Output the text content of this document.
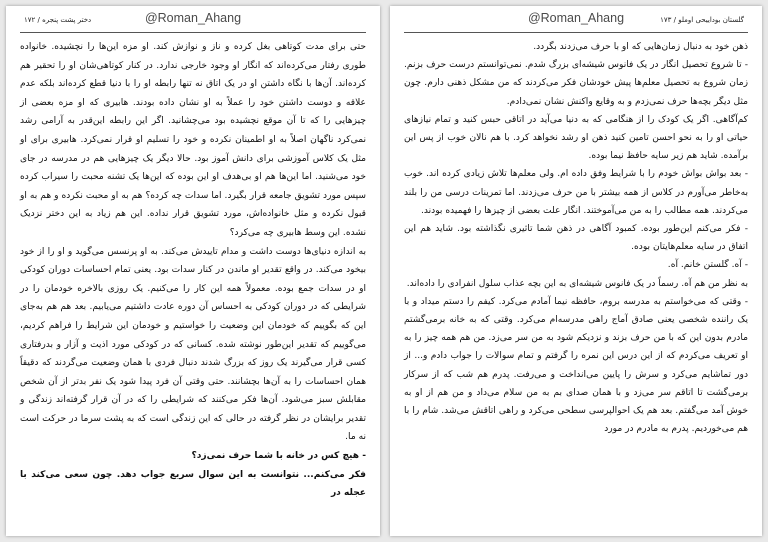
دختر پشت پنجره / ۱۷۲	@Roman_Ahang

حتی برای مدت کوتاهی بغل کرده و ناز و نوازش کند. او مزه این‌ها را نچشیده. خانواده طوری رفتار می‌کرده‌اند که انگار او وجود خارجی ندارد. در کنار کوتاهی‌شان او را تحقیر هم کرده‌اند. آن‌ها با نگاه داشتن او در یک اتاق نه تنها رابطه او را با دنیا قطع کرده‌اند بلکه عدم علاقه و دوست داشتن خود را عملاً به او نشان داده بودند. هابیری که او مزه بعضی از چیزهایی را که تا آن موقع نچشیده بود می‌چشانید. اگر این رابطه این‌قدر به آرامی رشد نمی‌کرد ناگهان اصلاً به او اطمینان نکرده و خود را تسلیم او قرار نمی‌کرد. هابیری برای او مثل یک کلاس آموزشی برای دانش آموز بود. حالا دیگر یک چیزهایی هم در مدرسه در جای خود می‌شنید. اما این‌ها هم او بی‌هدف او این بوده که این‌ها یک تشنه محبت را سیراب کرده سپس مورد تشویق جامعه قرار بگیرد. اما سدات چه کرده؟ هم به او محبت نکرده و هم به او قبول نکرده و مثل خانواده‌اش، مورد تشویق قرار نداده. این هم زیاد به این دختر نزدیک نشده. این وسط هابیری چه می‌کرد؟

به اندازه دنیای‌ها دوست داشت و مدام تاییدش می‌کند. به او پرنسس می‌گوید و او را از خود بیخود می‌کند. در واقع تقدیر او ماندن در کنار سدات بود. یعنی تمام احساسات دوران کودکی او در سدات جمع بوده. معمولاً همه این کار را می‌کنیم. یک روزی بالاخره خودمان را در شرایطی که در دوران کودکی به احساس آن دوره عادت داشتیم می‌یابیم. بعد هم هم به‌جای این که بگوییم که خودمان این وضعیت را خواستیم و خودمان این شرایط را فراهم کردیم، می‌گوییم که تقدیر این‌طور نوشته شده. کسانی که در کودکی مورد اذیت و آزار و بدرفتاری کسی قرار می‌گیرند یک روز که بزرگ شدند دنبال فردی با همان وضعیت می‌گردند که دقیقاً همان احساسات را به آن‌ها بچشانند. حتی وقتی آن فرد پیدا شود یک نفر بدتر از آن شخص مقابلش سبز می‌شود. آن‌ها فکر می‌کنند که شرایطی را که در آن قرار گرفته‌اند زندگی و تقدیر برایشان در نظر گرفته در حالی که این زندگی است که به پشت سرما در حرکت است نه ما.

- هیچ کس در خانه با شما حرف نمی‌زد؟

فکر می‌کنم... نتوانست به این سوال سریع جواب دهد. چون سعی می‌کند با عجله در

۱۷۳ / گلستان بوداییحی اوملو
@Roman_Ahang

ذهن خود به دنبال زمان‌هایی که او با حرف می‌زدند بگردد.

- تا شروع تحصیل انگار در یک فانوس شیشه‌ای بزرگ شدم. نمی‌توانستم درست حرف بزنم. زمان شروع به تحصیل معلم‌ها پیش خودشان فکر می‌کردند که من مشکل ذهنی دارم. چون مثل دیگر بچه‌ها حرف نمی‌زدم و به وقایع واکنش نشان نمی‌دادم.

کم‌آگاهی. اگر یک کودک را از هنگامی که به دنیا می‌آید در اتاقی حبس کنید و تمام نیازهای حیاتی او را به نحو احسن تامین کنید ذهن او رشد نخواهد کرد. با هم نالان خوب از پس این برآمده. شاید هم زیر سایه حافظ نیما بوده.

- بعد بواش بواش خودم را با شرایط وفق داده ام. ولی معلم‌ها تلاش زیادی کرده اند. خوب به‌خاطر می‌آورم در کلاس از همه بیشتر با من حرف می‌زدند. اما تمرینات درسی من را بلند می‌کردند. همه مطالب را به من می‌آموختند. انگار علت بعضی از چیزها را فهمیده بودند.

- فکر می‌کنم این‌طور بوده. کمبود آگاهی در ذهن شما تاثیری نگذاشته بود. شاید هم این اتفاق در سایه معلم‌هایتان بوده.

- آه. گلستن خانم. آه.

به نظر من هم آه. رسماً در یک فانوس شیشه‌ای به این بچه عذاب سلول انفرادی را داده‌اند.

- وقتی که می‌خواستم به مدرسه بروم، حافظه نیما آمادم می‌کرد. کیفم را دستم میداد و با یک راننده شخصی یعنی صادق آماج راهی مدرسه‌ام می‌کرد. وقتی که به خانه برمی‌گشتم مادرم بدون این که با من حرف بزند و نزدیکم شود به من سر می‌زد. من هم همه چیز را به او تعریف می‌کردم که از این درس این نمره را گرفتم و تمام سوالات را جواب دادم و... از دور تماشایم می‌کرد و سرش را پایین می‌انداخت و می‌رفت. پدرم هم شب که از سرکار برمی‌گشت تا اتاقم سر می‌زد و با همان صدای بم به من سلام می‌داد و من هم از او به خوش آمد می‌گفتم. بعد هم یک احوالپرسی سطحی می‌کرد و راهی اتاقش می‌شد. شام را با هم می‌خوردیم. پدرم به مادرم در مورد
